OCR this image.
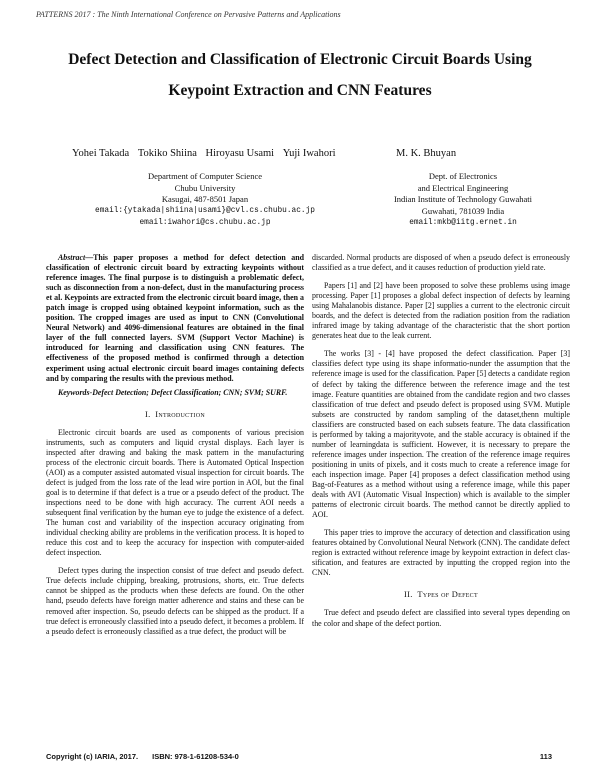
PATTERNS 2017 : The Ninth International Conference on Pervasive Patterns and Applications
Defect Detection and Classification of Electronic Circuit Boards Using Keypoint Extraction and CNN Features
Yohei Takada Tokiko Shiina Hiroyasu Usami Yuji Iwahori	M. K. Bhuyan
Department of Computer Science
Chubu University
Kasugai, 487-8501 Japan
email:{ytakada|shiina|usami}@cvl.cs.chubu.ac.jp
email:iwahori@cs.chubu.ac.jp
Dept. of Electronics
and Electrical Engineering
Indian Institute of Technology Guwahati
Guwahati, 781039 India
email:mkb@iitg.ernet.in

Abstract—This paper proposes a method for defect detection and classification of electronic circuit board by extracting keypoints without reference images. The final purpose is to distinguish a problematic defect, such as disconnection from a non-defect, dust in the manufacturing process et al. Keypoints are extracted from the electronic circuit board image, then a patch image is cropped using obtained keypoint information, such as the position. The cropped images are used as input to CNN (Convolutional Neural Network) and 4096-dimensional features are obtained in the final layer of the full connected layers. SVM (Support Vector Machine) is introduced for learning and classification using CNN features. The effectiveness of the proposed method is confirmed through a detection experiment using actual electronic circuit board images containing defects and by comparing the results with the previous method.

Keywords-Defect Detection; Defect Classification; CNN; SVM; SURF.

I. Introduction

Electronic circuit boards are used as components of various precision instruments, such as computers and liquid crystal displays. Each layer is inspected after drawing and baking the mask pattern in the manufacturing process of the electronic circuit boards. There is Automated Optical Inspection (AOI) as a computer assisted automated visual inspection for circuit boards. The defect is judged from the loss rate of the lead wire portion in AOI, but the final goal is to determine if that defect is a true or a pseudo defect of the product. The inspections need to be done with high accuracy. The current AOI needs a subsequent final verification by the human eye to judge the existence of a defect. The human cost and variability of the inspection accuracy originating from individual checking ability are problems in the verification process. It is hoped to reduce this cost and to keep the accuracy for inspection with computer-aided defect inspection.

Defect types during the inspection consist of true defect and pseudo defect. True defects include chipping, breaking, protrusions, shorts, etc. True defects cannot be shipped as the products when these defects are found. On the other hand, pseudo defects have foreign matter adherence and stains and these can be removed after inspection. So, pseudo defects can be shipped as the product. If a true defect is erroneously classified into a pseudo defect, it becomes a problem. If a pseudo defect is erroneously classified as a true defect, the product will be

discarded. Normal products are disposed of when a pseudo defect is erroneously classified as a true defect, and it causes reduction of production yield rate.

Papers [1] and [2] have been proposed to solve these problems using image processing. Paper [1] proposes a global defect inspection of defects by learning using Mahalanobis distance. Paper [2] supplies a current to the electronic circuit boards, and the defect is detected from the radiation position from the radiation infrared image by taking advantage of the characteristic that the short portion generates heat due to the leak current.

The works [3] - [4] have proposed the defect classification. Paper [3] classifies defect type using its shape informatio-nunder the assumption that the reference image is used for the classification. Paper [5] detects a candidate region of defect by taking the difference between the reference image and the test image. Feature quantities are obtained from the candidate region and two classes classification of true defect and pseudo defect is proposed using SVM. Mutiple subsets are constructed by random sampling of the dataset,thenn multiple classifiers are constructed based on each subsets feature. The data classification is performed by taking a majorityvote, and the stable accuracy is obtained if the number of learningdata is sufficient. However, it is necessary to prepare the reference images under inspection. The creation of the reference image requires positioning in units of pixels, and it costs much to create a reference image for each inspection image. Paper [4] proposes a defect classification method using Bag-of-Features as a method without using a reference image, while this paper deals with AVI (Automatic Visual Inspection) which is available to the simpler patterns of electronic circuit boards. The method cannot be directly applied to AOI.

This paper tries to improve the accuracy of detection and classification using features obtained by Convolutional Neural Network (CNN). The candidate defect region is extracted without reference image by keypoint extraction in defect clas-sification, and features are extracted by inputting the cropped region into the CNN.

II. Types of Defect

True defect and pseudo defect are classified into several types depending on the color and shape of the defect portion.

Copyright (c) IARIA, 2017. ISBN: 978-1-61208-534-0	113
